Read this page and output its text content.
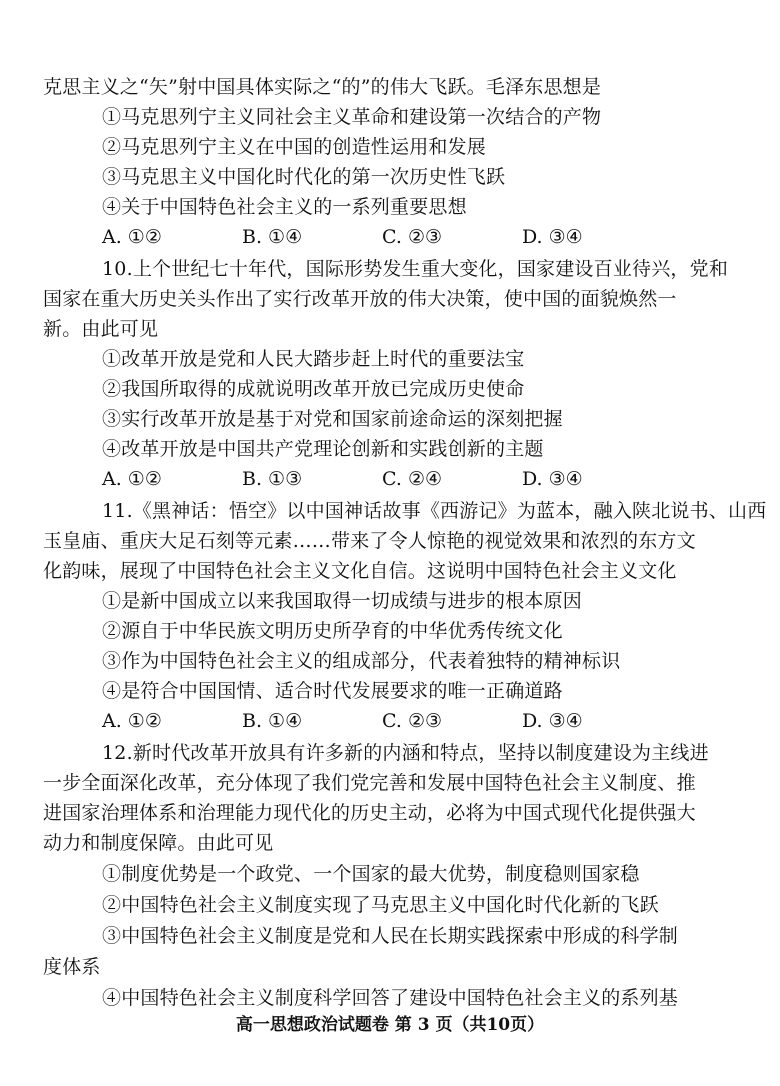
克思主义之“矢”射中国具体实际之“的”的伟大飞跃。毛泽东思想是
①马克思列宁主义同社会主义革命和建设第一次结合的产物
②马克思列宁主义在中国的创造性运用和发展
③马克思主义中国化时代化的第一次历史性飞跃
④关于中国特色社会主义的一系列重要思想
A. ①②	B. ①④	C. ②③	D. ③④
10.上个世纪七十年代，国际形势发生重大变化，国家建设百业待兴，党和
国家在重大历史关头作出了实行改革开放的伟大决策，使中国的面貌焕然一
新。由此可见
①改革开放是党和人民大踏步赶上时代的重要法宝
②我国所取得的成就说明改革开放已完成历史使命
③实行改革开放是基于对党和国家前途命运的深刻把握
④改革开放是中国共产党理论创新和实践创新的主题
A. ①②	B. ①③	C. ②④	D. ③④
11.《黑神话：悟空》以中国神话故事《西游记》为蓝本，融入陕北说书、山西
玉皇庙、重庆大足石刻等元素……带来了令人惊艳的视觉效果和浓烈的东方文
化韵味，展现了中国特色社会主义文化自信。这说明中国特色社会主义文化
①是新中国成立以来我国取得一切成绩与进步的根本原因
②源自于中华民族文明历史所孕育的中华优秀传统文化
③作为中国特色社会主义的组成部分，代表着独特的精神标识
④是符合中国国情、适合时代发展要求的唯一正确道路
A. ①②	B. ①④	C. ②③	D. ③④
12.新时代改革开放具有许多新的内涵和特点，坚持以制度建设为主线进
一步全面深化改革，充分体现了我们党完善和发展中国特色社会主义制度、推
进国家治理体系和治理能力现代化的历史主动，必将为中国式现代化提供强大
动力和制度保障。由此可见
①制度优势是一个政党、一个国家的最大优势，制度稳则国家稳
②中国特色社会主义制度实现了马克思主义中国化时代化新的飞跃
③中国特色社会主义制度是党和人民在长期实践探索中形成的科学制
度体系
④中国特色社会主义制度科学回答了建设中国特色社会主义的系列基
高一思想政治试题卷 第 3 页（共10页）
